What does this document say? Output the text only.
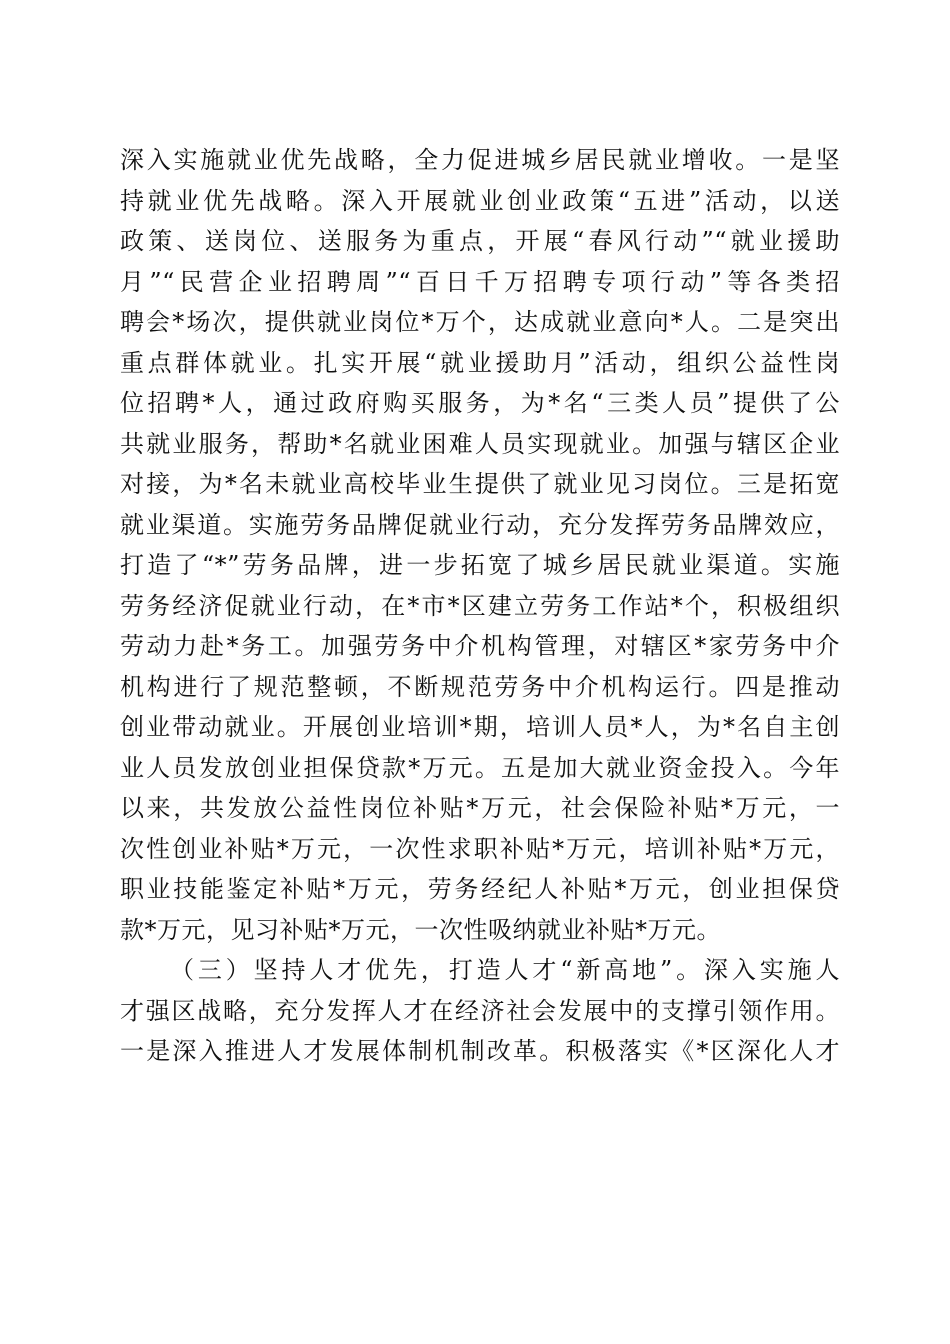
深入实施就业优先战略，全力促进城乡居民就业增收。一是坚
持就业优先战略。深入开展就业创业政策“五进”活动，以送
政策、送岗位、送服务为重点，开展“春风行动”“就业援助
月”“民营企业招聘周”“百日千万招聘专项行动”等各类招
聘会*场次，提供就业岗位*万个，达成就业意向*人。二是突出
重点群体就业。扎实开展“就业援助月”活动，组织公益性岗
位招聘*人，通过政府购买服务，为*名“三类人员”提供了公
共就业服务，帮助*名就业困难人员实现就业。加强与辖区企业
对接，为*名未就业高校毕业生提供了就业见习岗位。三是拓宽
就业渠道。实施劳务品牌促就业行动，充分发挥劳务品牌效应，
打造了“*”劳务品牌，进一步拓宽了城乡居民就业渠道。实施
劳务经济促就业行动，在*市*区建立劳务工作站*个，积极组织
劳动力赴*务工。加强劳务中介机构管理，对辖区*家劳务中介
机构进行了规范整顿，不断规范劳务中介机构运行。四是推动
创业带动就业。开展创业培训*期，培训人员*人，为*名自主创
业人员发放创业担保贷款*万元。五是加大就业资金投入。今年
以来，共发放公益性岗位补贴*万元，社会保险补贴*万元，一
次性创业补贴*万元，一次性求职补贴*万元，培训补贴*万元，
职业技能鉴定补贴*万元，劳务经纪人补贴*万元，创业担保贷
款*万元，见习补贴*万元，一次性吸纳就业补贴*万元。
（三）坚持人才优先，打造人才“新高地”。深入实施人
才强区战略，充分发挥人才在经济社会发展中的支撑引领作用。
一是深入推进人才发展体制机制改革。积极落实《*区深化人才
